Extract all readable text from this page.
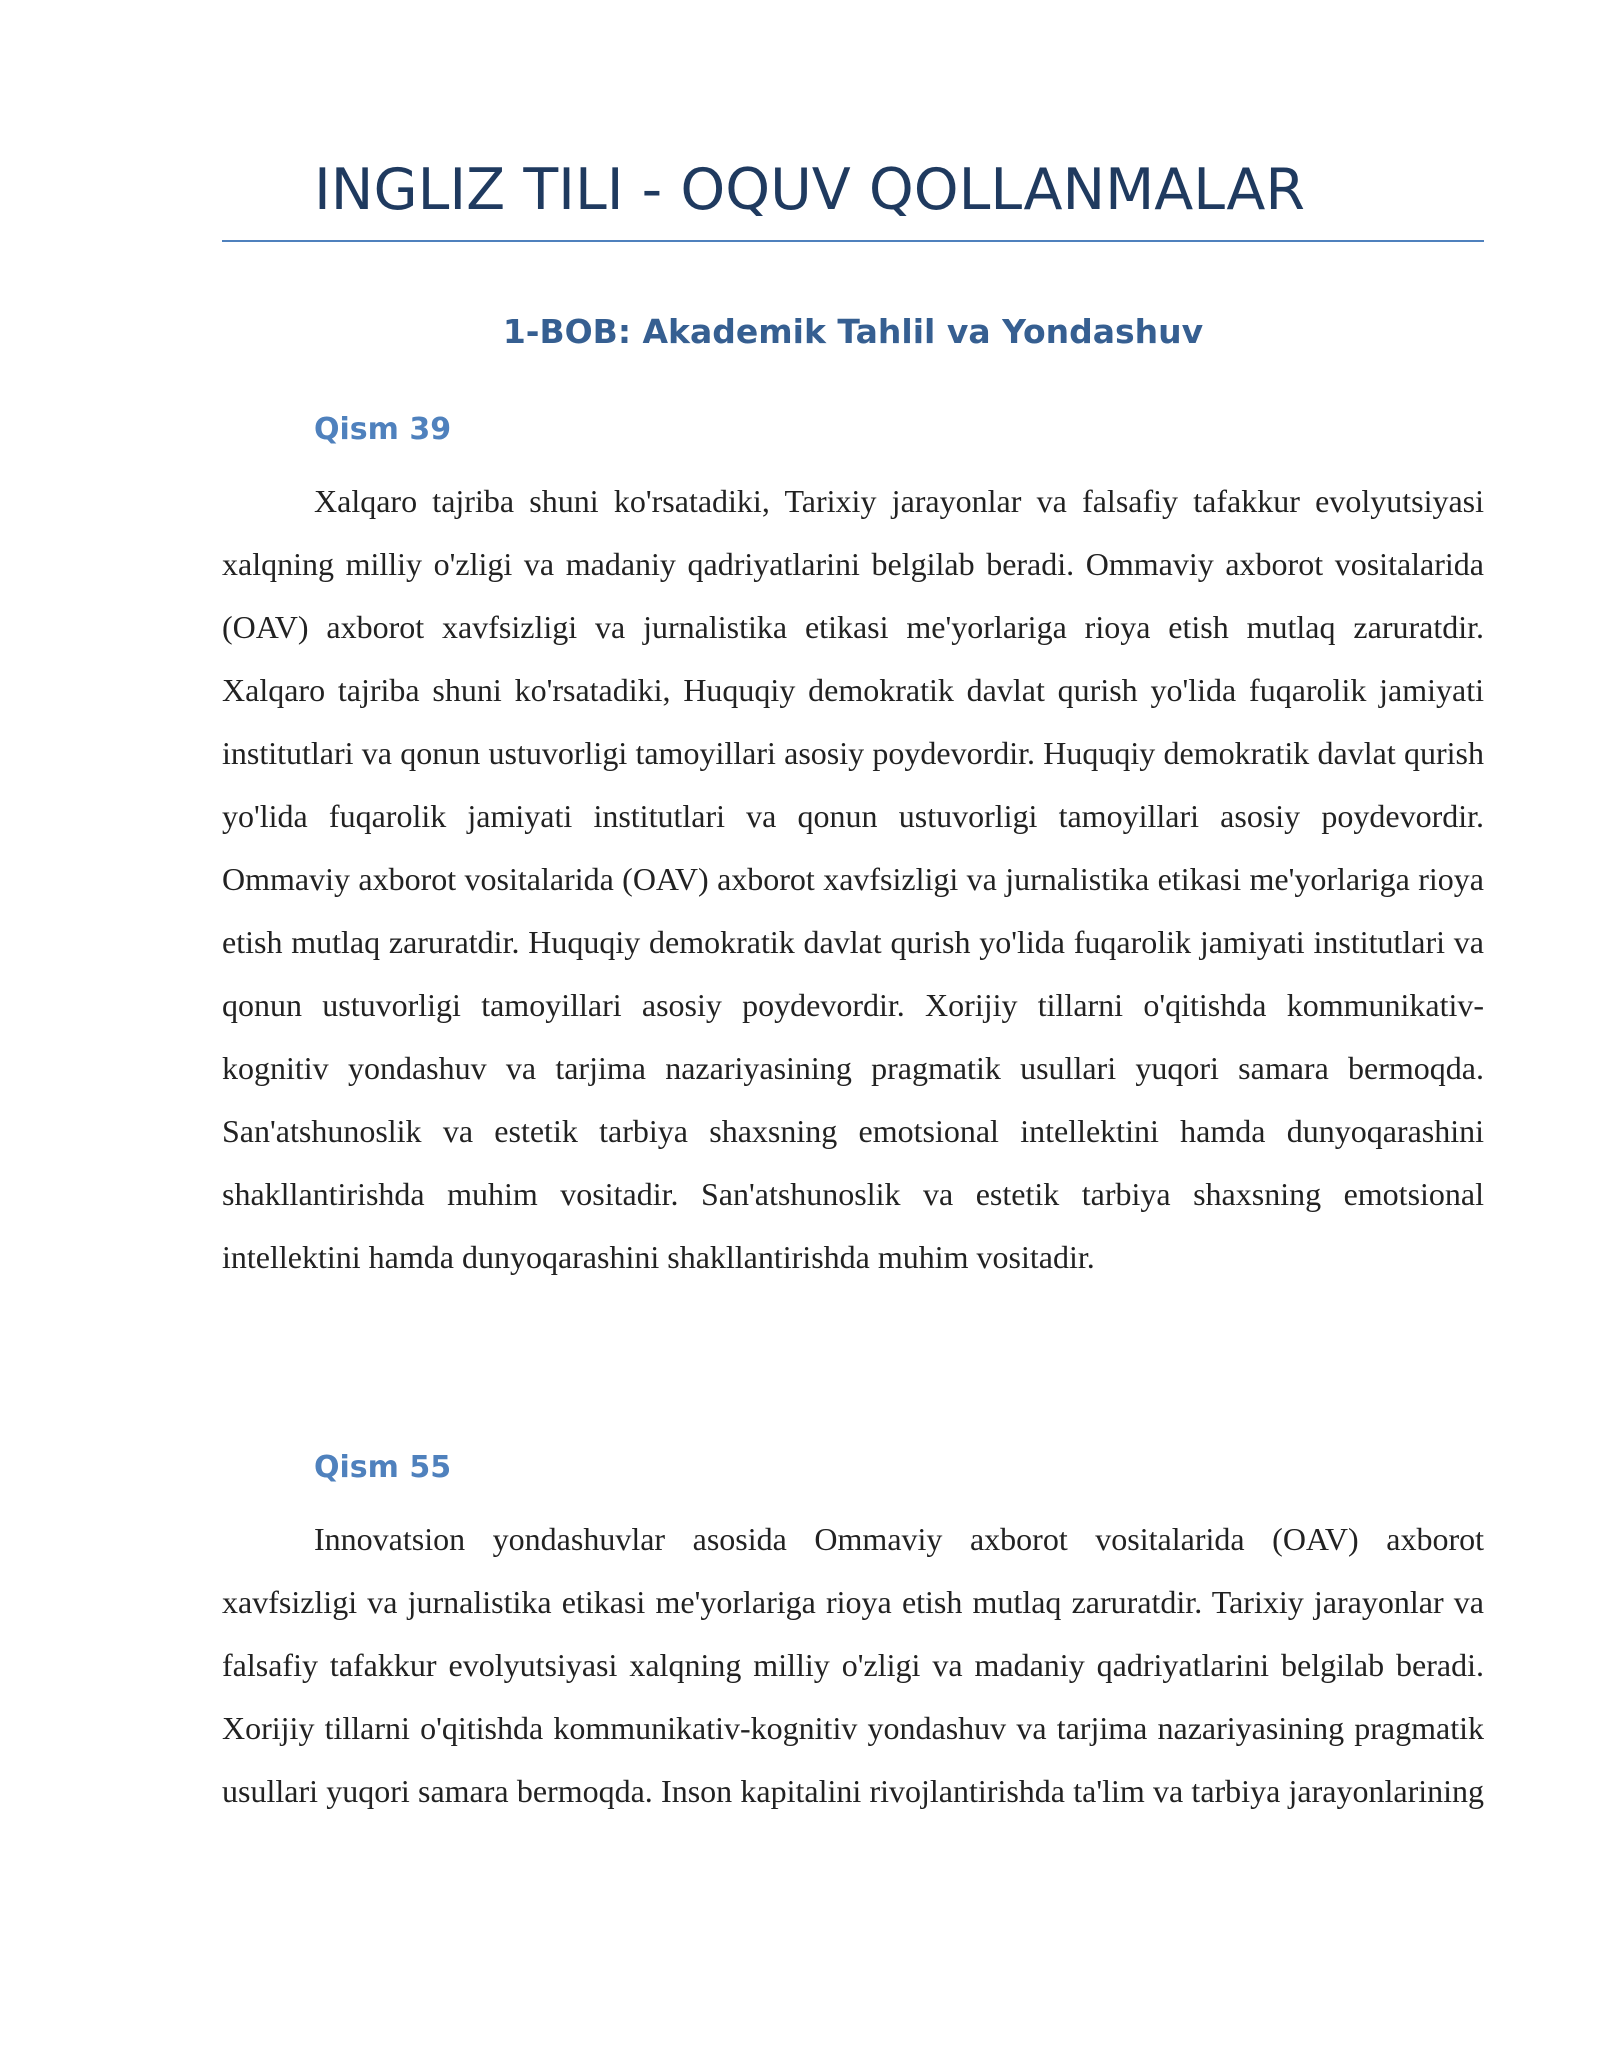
INGLIZ TILI - OQUV QOLLANMALAR
1-BOB: Akademik Tahlil va Yondashuv
Qism 39

Xalqaro tajriba shuni ko'rsatadiki, Tarixiy jarayonlar va falsafiy tafakkur evolyutsiyasi xalqning milliy o'zligi va madaniy qadriyatlarini belgilab beradi. Ommaviy axborot vositalarida (OAV) axborot xavfsizligi va jurnalistika etikasi me'yorlariga rioya etish mutlaq zaruratdir. Xalqaro tajriba shuni ko'rsatadiki, Huquqiy demokratik davlat qurish yo'lida fuqarolik jamiyati institutlari va qonun ustuvorligi tamoyillari asosiy poydevordir. Huquqiy demokratik davlat qurish yo'lida fuqarolik jamiyati institutlari va qonun ustuvorligi tamoyillari asosiy poydevordir. Ommaviy axborot vositalarida (OAV) axborot xavfsizligi va jurnalistika etikasi me'yorlariga rioya etish mutlaq zaruratdir. Huquqiy demokratik davlat qurish yo'lida fuqarolik jamiyati institutlari va qonun ustuvorligi tamoyillari asosiy poydevordir. Xorijiy tillarni o'qitishda kommunikativ-kognitiv yondashuv va tarjima nazariyasining pragmatik usullari yuqori samara bermoqda. San'atshunoslik va estetik tarbiya shaxsning emotsional intellektini hamda dunyoqarashini shakllantirishda muhim vositadir. San'atshunoslik va estetik tarbiya shaxsning emotsional intellektini hamda dunyoqarashini shakllantirishda muhim vositadir.

Qism 55

Innovatsion yondashuvlar asosida Ommaviy axborot vositalarida (OAV) axborot xavfsizligi va jurnalistika etikasi me'yorlariga rioya etish mutlaq zaruratdir. Tarixiy jarayonlar va falsafiy tafakkur evolyutsiyasi xalqning milliy o'zligi va madaniy qadriyatlarini belgilab beradi. Xorijiy tillarni o'qitishda kommunikativ-kognitiv yondashuv va tarjima nazariyasining pragmatik usullari yuqori samara bermoqda. Inson kapitalini rivojlantirishda ta'lim va tarbiya jarayonlarining
